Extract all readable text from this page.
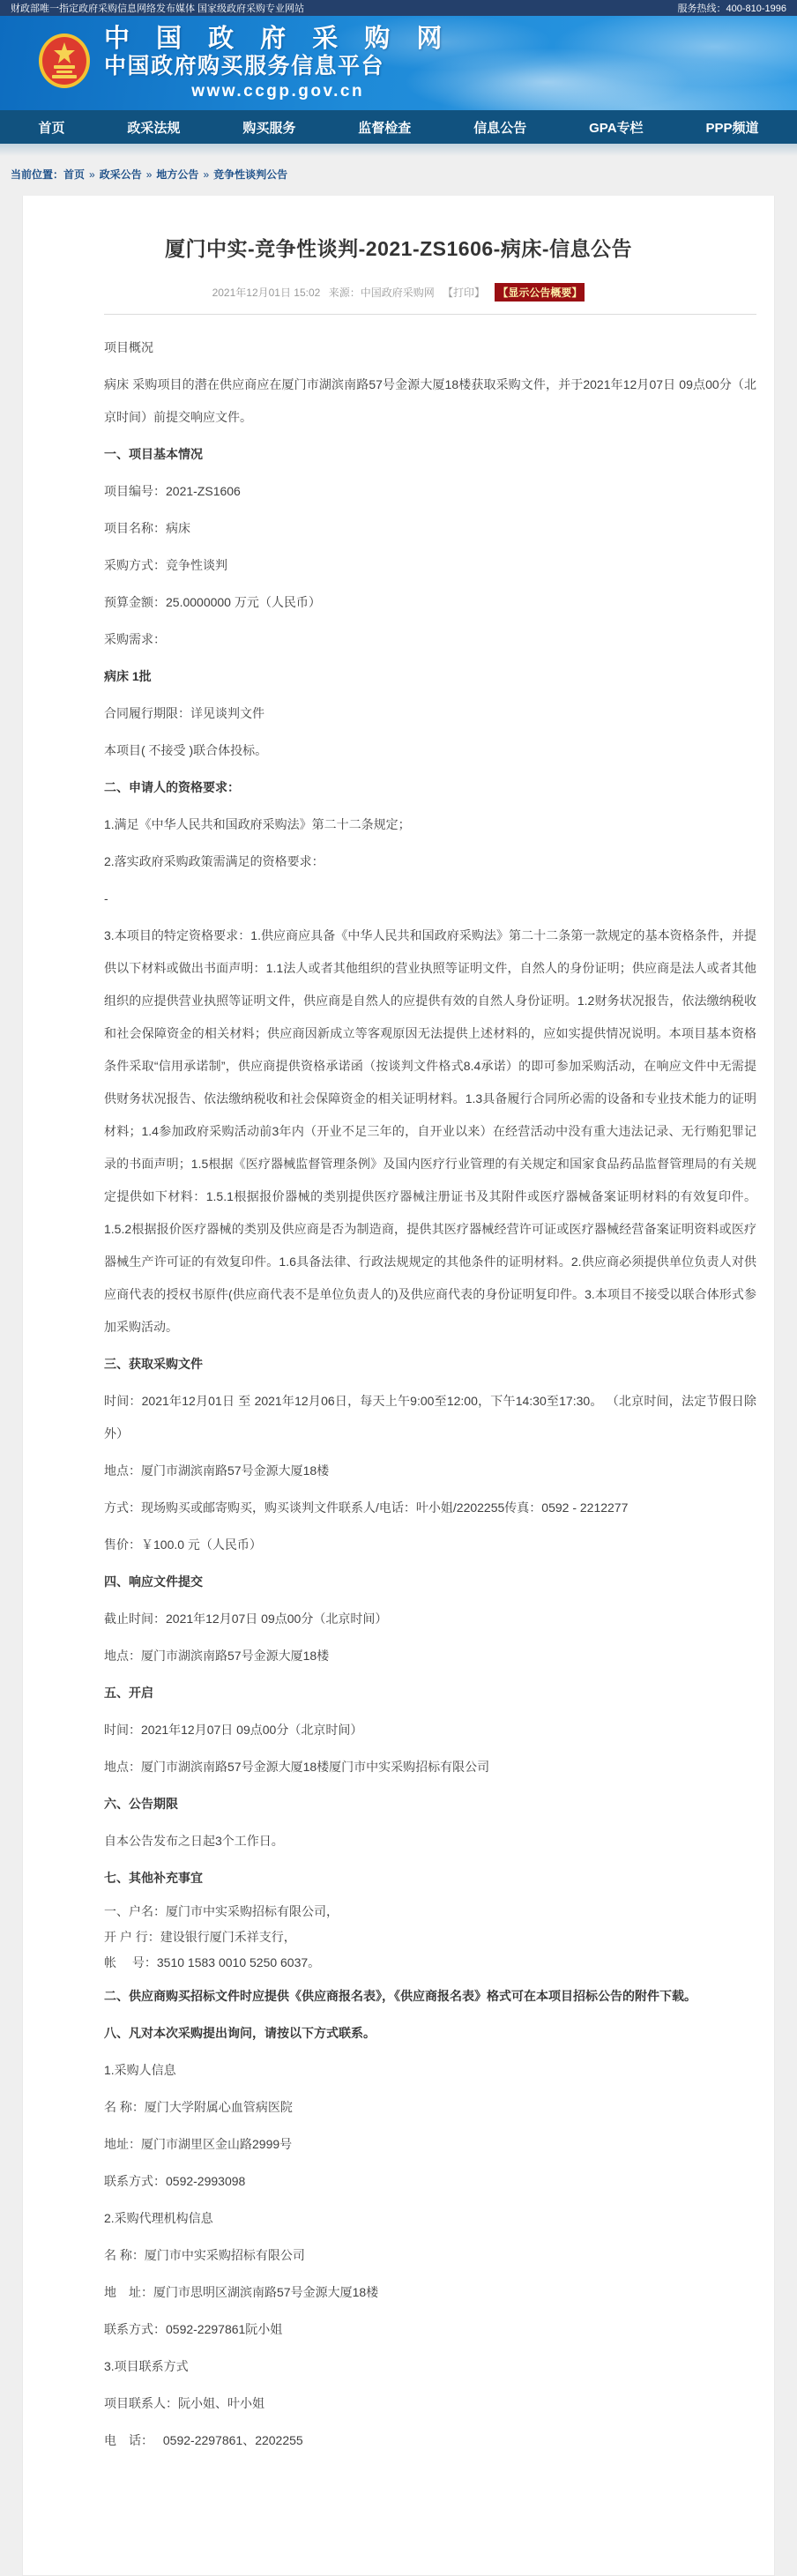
财政部唯一指定政府采购信息网络发布媒体 国家级政府采购专业网站	服务热线：400-810-1996
中 国 政 府 采 购 网
中国政府购买服务信息平台
www.ccgp.gov.cn
首页	政采法规	购买服务	监督检查	信息公告	GPA专栏	PPP频道
当前位置：首页 » 政采公告 » 地方公告 » 竞争性谈判公告
厦门中实-竞争性谈判-2021-ZS1606-病床-信息公告
2021年12月01日 15:02 来源：中国政府采购网 【打印】 【显示公告概要】

项目概况

病床 采购项目的潜在供应商应在厦门市湖滨南路57号金源大厦18楼获取采购文件，并于2021年12月07日 09点00分（北京时间）前提交响应文件。

一、项目基本情况

项目编号：2021-ZS1606

项目名称：病床

采购方式：竞争性谈判

预算金额：25.0000000 万元（人民币）

采购需求：

病床 1批

合同履行期限：详见谈判文件

本项目( 不接受 )联合体投标。

二、申请人的资格要求：

1.满足《中华人民共和国政府采购法》第二十二条规定；

2.落实政府采购政策需满足的资格要求：

-

3.本项目的特定资格要求：1.供应商应具备《中华人民共和国政府采购法》第二十二条第一款规定的基本资格条件，并提供以下材料或做出书面声明：1.1法人或者其他组织的营业执照等证明文件，自然人的身份证明；供应商是法人或者其他组织的应提供营业执照等证明文件，供应商是自然人的应提供有效的自然人身份证明。1.2财务状况报告，依法缴纳税收和社会保障资金的相关材料；供应商因新成立等客观原因无法提供上述材料的，应如实提供情况说明。本项目基本资格条件采取“信用承诺制”，供应商提供资格承诺函（按谈判文件格式8.4承诺）的即可参加采购活动，在响应文件中无需提供财务状况报告、依法缴纳税收和社会保障资金的相关证明材料。1.3具备履行合同所必需的设备和专业技术能力的证明材料；1.4参加政府采购活动前3年内（开业不足三年的，自开业以来）在经营活动中没有重大违法记录、无行贿犯罪记录的书面声明；1.5根据《医疗器械监督管理条例》及国内医疗行业管理的有关规定和国家食品药品监督管理局的有关规定提供如下材料：1.5.1根据报价器械的类别提供医疗器械注册证书及其附件或医疗器械备案证明材料的有效复印件。 1.5.2根据报价医疗器械的类别及供应商是否为制造商，提供其医疗器械经营许可证或医疗器械经营备案证明资料或医疗器械生产许可证的有效复印件。1.6具备法律、行政法规规定的其他条件的证明材料。2.供应商必须提供单位负责人对供应商代表的授权书原件(供应商代表不是单位负责人的)及供应商代表的身份证明复印件。3.本项目不接受以联合体形式参加采购活动。

三、获取采购文件

时间：2021年12月01日 至 2021年12月06日，每天上午9:00至12:00，下午14:30至17:30。 （北京时间，法定节假日除外）

地点：厦门市湖滨南路57号金源大厦18楼

方式：现场购买或邮寄购买，购买谈判文件联系人/电话：叶小姐/2202255传真：0592 - 2212277

售价：￥100.0 元（人民币）

四、响应文件提交

截止时间：2021年12月07日 09点00分（北京时间）

地点：厦门市湖滨南路57号金源大厦18楼

五、开启

时间：2021年12月07日 09点00分（北京时间）

地点：厦门市湖滨南路57号金源大厦18楼厦门市中实采购招标有限公司

六、公告期限

自本公告发布之日起3个工作日。

七、其他补充事宜

一、户名：厦门市中实采购招标有限公司，
开 户 行：建设银行厦门禾祥支行，
帐　 号：3510 1583 0010 5250 6037。

二、供应商购买招标文件时应提供《供应商报名表》，《供应商报名表》格式可在本项目招标公告的附件下载。

八、凡对本次采购提出询问，请按以下方式联系。

1.采购人信息

名 称：厦门大学附属心血管病医院

地址：厦门市湖里区金山路2999号

联系方式：0592-2993098

2.采购代理机构信息

名 称：厦门市中实采购招标有限公司

地　址：厦门市思明区湖滨南路57号金源大厦18楼

联系方式：0592-2297861阮小姐

3.项目联系方式

项目联系人：阮小姐、叶小姐

电　话：　 0592-2297861、2202255
